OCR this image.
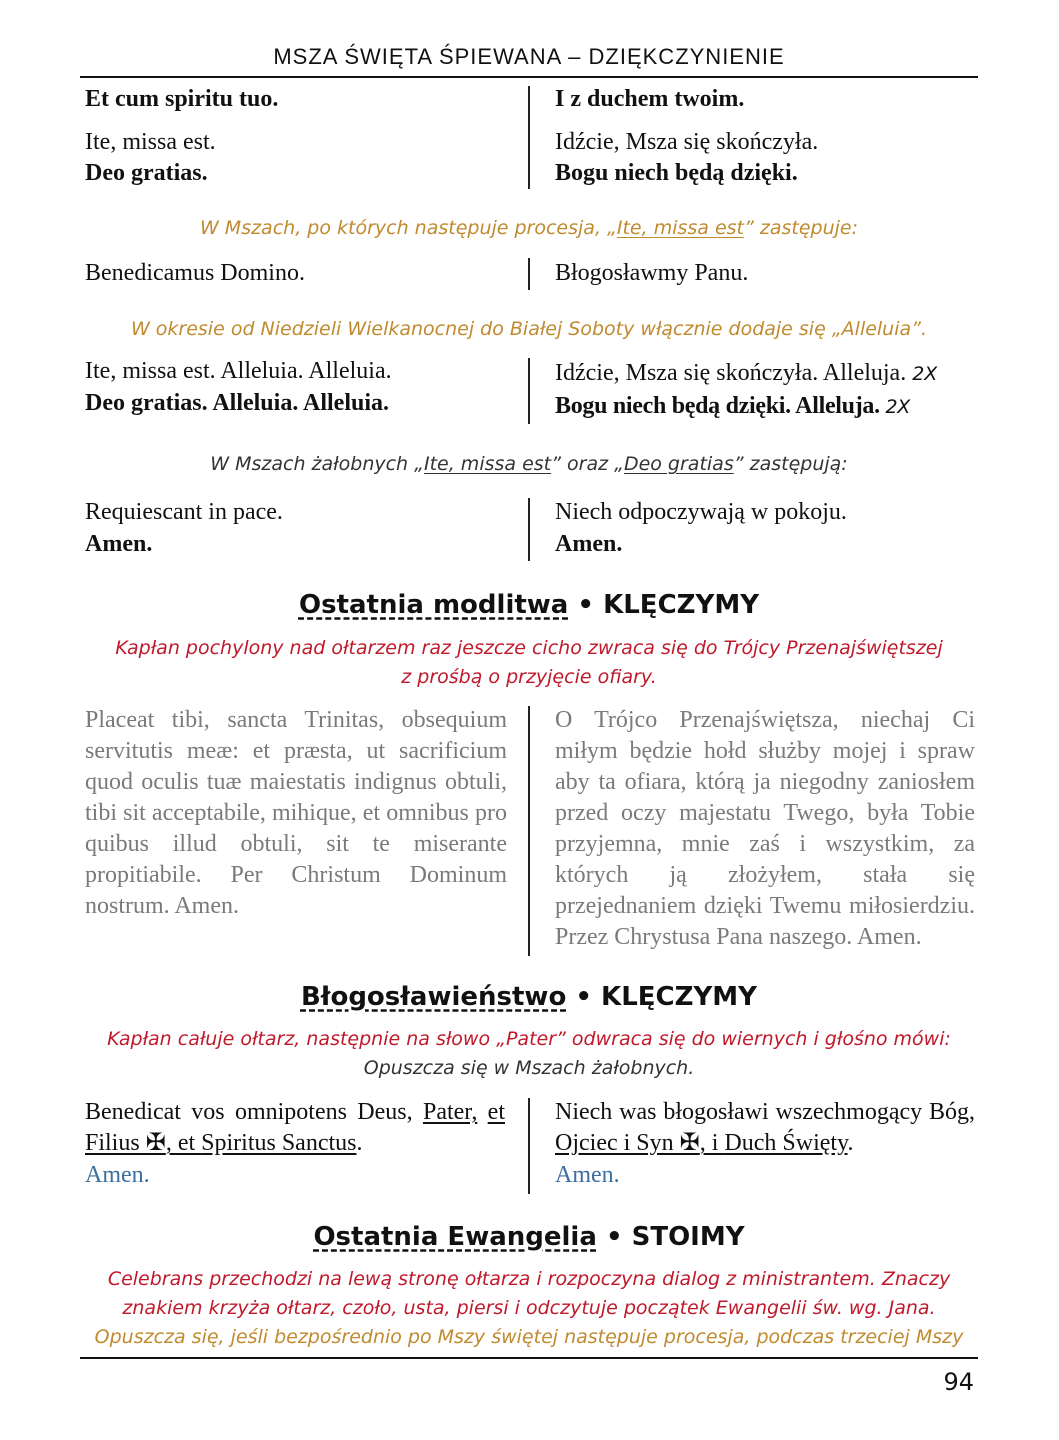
MSZA ŚWIĘTA ŚPIEWANA – DZIĘKCZYNIENIE
Et cum spiritu tuo.	I z duchem twoim.
Ite, missa est.
Deo gratias.
Idźcie, Msza się skończyła.
Bogu niech będą dzięki.
W Mszach, po których następuje procesja, „Ite, missa est” zastępuje:
Benedicamus Domino.	Błogosławmy Panu.
W okresie od Niedzieli Wielkanocnej do Białej Soboty włącznie dodaje się „Alleluia”.
Ite, missa est. Alleluia. Alleluia.
Deo gratias. Alleluia. Alleluia.
Idźcie, Msza się skończyła. Alleluja. 2X
Bogu niech będą dzięki. Alleluja. 2X
W Mszach żałobnych „Ite, missa est” oraz „Deo gratias” zastępują:
Requiescant in pace.
Amen.
Niech odpoczywają w pokoju.
Amen.
Ostatnia modlitwa • KLĘCZYMY
Kapłan pochylony nad ołtarzem raz jeszcze cicho zwraca się do Trójcy Przenajświętszej
z prośbą o przyjęcie ofiary.
Placeat tibi, sancta Trinitas, obsequium servitutis meæ: et præsta, ut sacrificium quod oculis tuæ maiestatis indignus obtuli, tibi sit acceptabile, mihique, et omnibus pro quibus illud obtuli, sit te miserante propitiabile. Per Christum Dominum nostrum. Amen.
O Trójco Przenajświętsza, niechaj Ci miłym będzie hołd służby mojej i spraw aby ta ofiara, którą ja niegodny zaniosłem przed oczy majestatu Twego, była Tobie przyjemna, mnie zaś i wszystkim, za których ją złożyłem, stała się przejednaniem dzięki Twemu miłosierdziu. Przez Chrystusa Pana naszego. Amen.
Błogosławieństwo • KLĘCZYMY
Kapłan całuje ołtarz, następnie na słowo „Pater” odwraca się do wiernych i głośno mówi:
Opuszcza się w Mszach żałobnych.
Benedicat vos omnipotens Deus, Pater, et Filius ✠, et Spiritus Sanctus.
Amen.
Niech was błogosławi wszechmogący Bóg, Ojciec i Syn ✠, i Duch Święty.
Amen.
Ostatnia Ewangelia • STOIMY
Celebrans przechodzi na lewą stronę ołtarza i rozpoczyna dialog z ministrantem. Znaczy
znakiem krzyża ołtarz, czoło, usta, piersi i odczytuje początek Ewangelii św. wg. Jana.
Opuszcza się, jeśli bezpośrednio po Mszy świętej następuje procesja, podczas trzeciej Mszy
94
